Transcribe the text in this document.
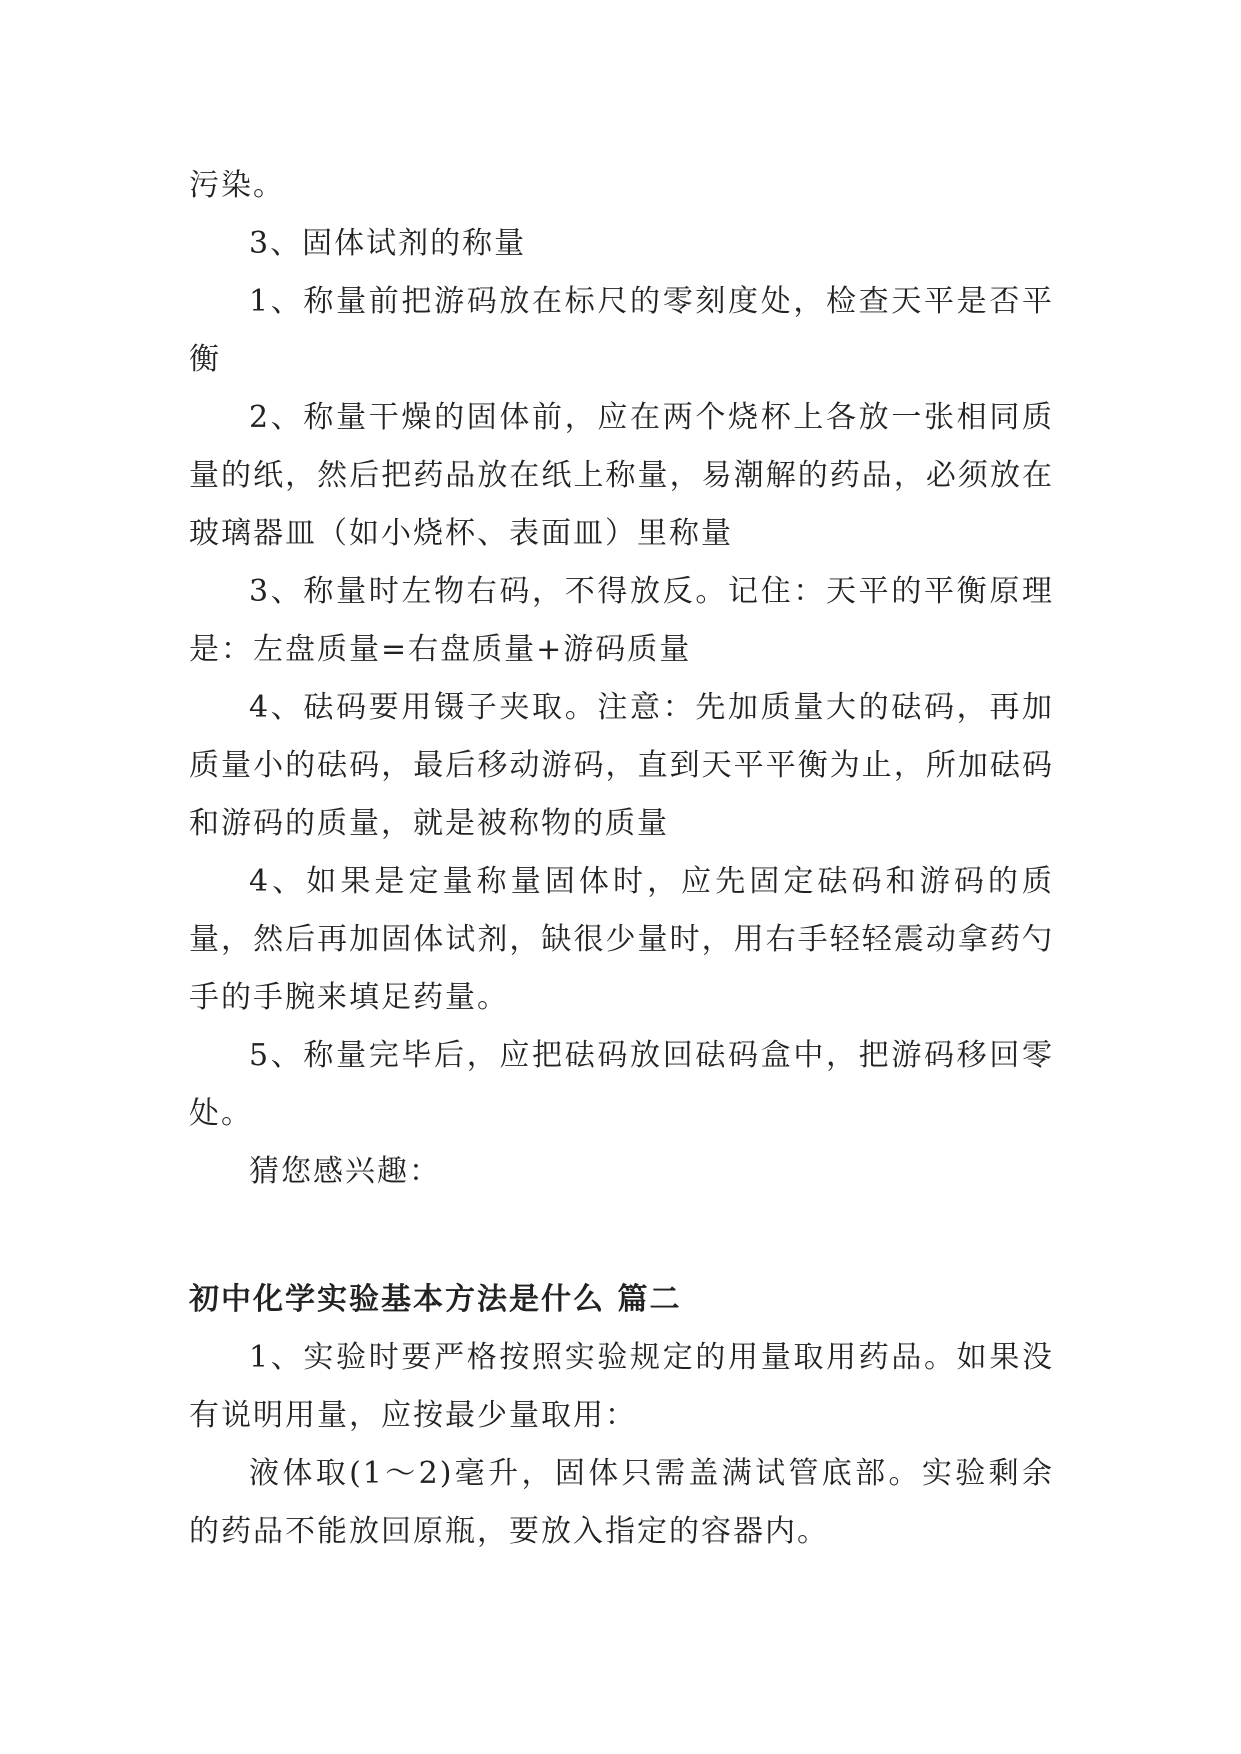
污染。

3、固体试剂的称量

1、称量前把游码放在标尺的零刻度处，检查天平是否平衡

2、称量干燥的固体前，应在两个烧杯上各放一张相同质量的纸，然后把药品放在纸上称量，易潮解的药品，必须放在玻璃器皿（如小烧杯、表面皿）里称量

3、称量时左物右码，不得放反。记住：天平的平衡原理是：左盘质量=右盘质量+游码质量

4、砝码要用镊子夹取。注意：先加质量大的砝码，再加质量小的砝码，最后移动游码，直到天平平衡为止，所加砝码和游码的质量，就是被称物的质量

4、如果是定量称量固体时，应先固定砝码和游码的质量，然后再加固体试剂，缺很少量时，用右手轻轻震动拿药勺手的手腕来填足药量。

5、称量完毕后，应把砝码放回砝码盒中，把游码移回零处。

猜您感兴趣：

初中化学实验基本方法是什么 篇二

1、实验时要严格按照实验规定的用量取用药品。如果没有说明用量，应按最少量取用：

液体取(1～2)毫升，固体只需盖满试管底部。实验剩余的药品不能放回原瓶，要放入指定的容器内。
